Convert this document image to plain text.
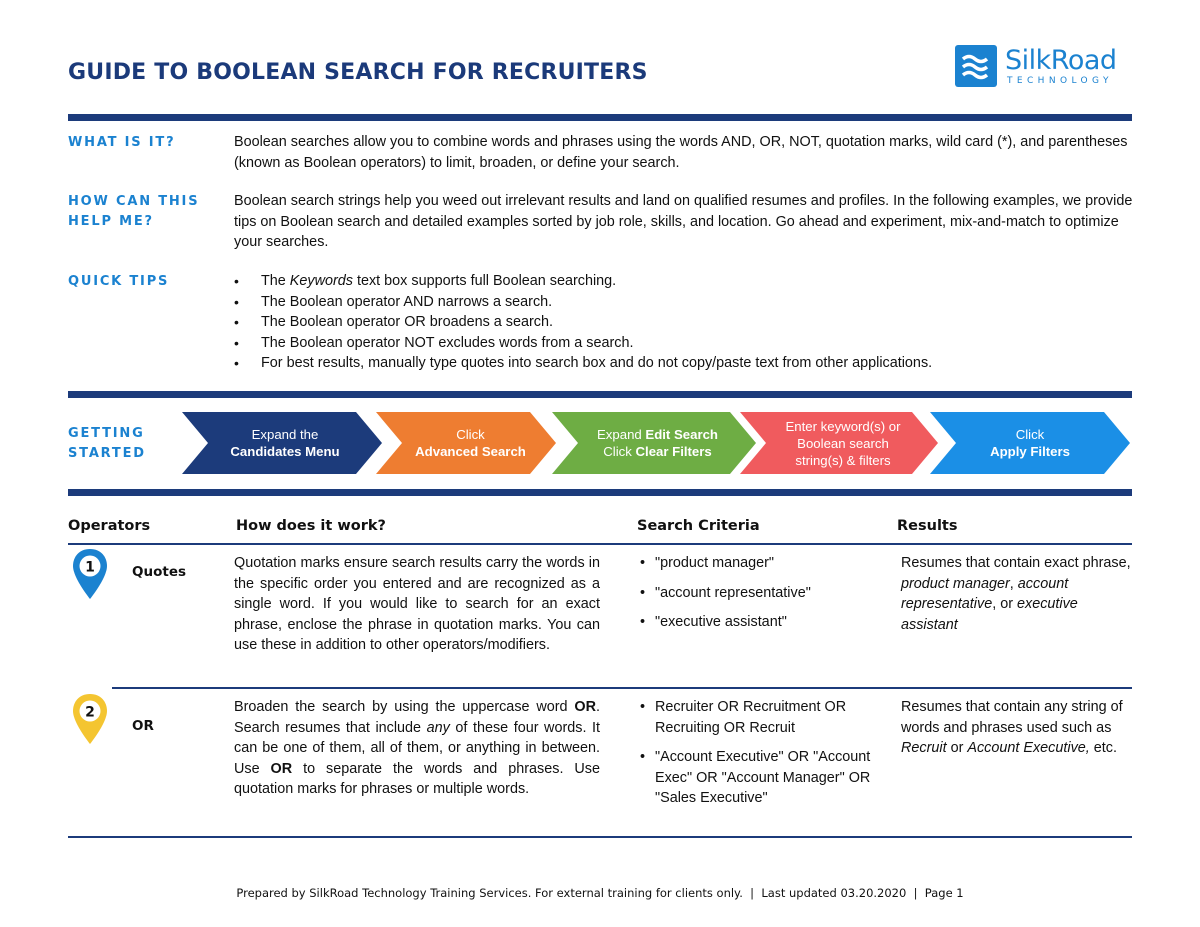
GUIDE TO BOOLEAN SEARCH FOR RECRUITERS	SilkRoad
TECHNOLOGY
WHAT IS IT?	Boolean searches allow you to combine words and phrases using the words AND, OR, NOT, quotation marks, wild card (*), and parentheses (known as Boolean operators) to limit, broaden, or define your search.
HOW CAN THIS
HELP ME?
Boolean search strings help you weed out irrelevant results and land on qualified resumes and profiles. In the following examples, we provide tips on Boolean search and detailed examples sorted by job role, skills, and location. Go ahead and experiment, mix-and-match to optimize your searches.
QUICK TIPS
•	The Keywords text box supports full Boolean searching.
• The Boolean operator AND narrows a search.
• The Boolean operator OR broadens a search.
• The Boolean operator NOT excludes words from a search.
• For best results, manually type quotes into search box and do not copy/paste text from other applications.
GETTING
STARTED
Expand the
Candidates Menu
Click
Advanced Search
Expand Edit Search
Click Clear Filters
Enter keyword(s) or
Boolean search
string(s) & filters
Click
Apply Filters
Operators	How does it work?	Search Criteria	Results
1	Quotes
Quotation marks ensure search results carry the words in the specific order you entered and are recognized as a single word. If you would like to search for an exact phrase, enclose the phrase in quotation marks. You can use these in addition to other operators/modifiers.
• "product manager"
• "account representative"
• "executive assistant"
Resumes that contain exact phrase, product manager, account representative, or executive assistant
2
OR
Broaden the search by using the uppercase word OR. Search resumes that include any of these four words. It can be one of them, all of them, or anything in between. Use OR to separate the words and phrases. Use quotation marks for phrases or multiple words.
• Recruiter OR Recruitment OR Recruiting OR Recruit
• "Account Executive" OR "Account Exec" OR "Account Manager" OR "Sales Executive"
Resumes that contain any string of words and phrases used such as Recruit or Account Executive, etc.
Prepared by SilkRoad Technology Training Services. For external training for clients only.  |  Last updated 03.20.2020  |  Page 1
